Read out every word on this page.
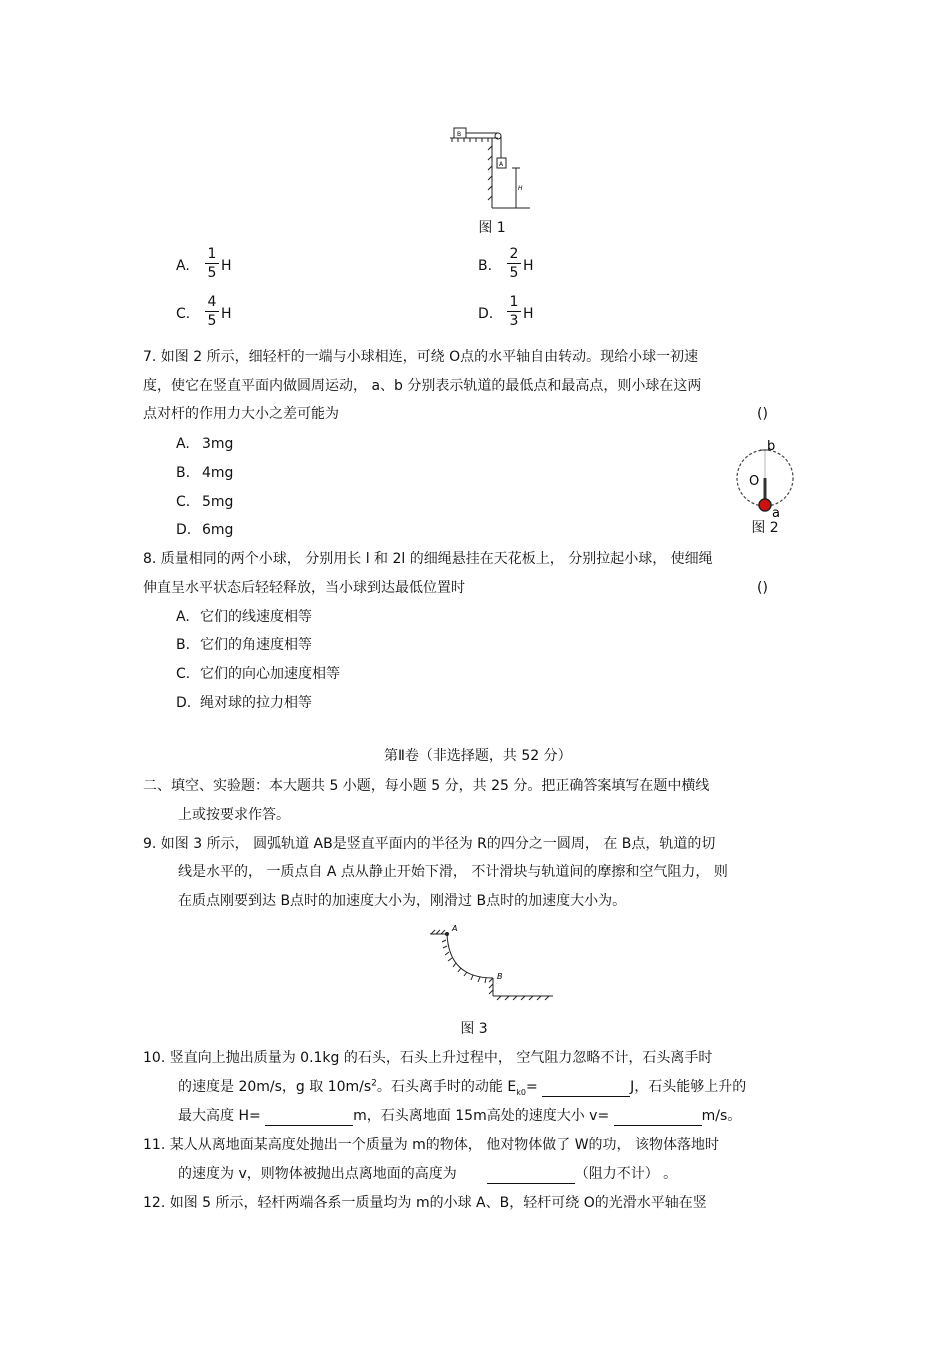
B
A
H
图 1
A.
1
5 H	B.
2
5 H
C.
4
5 H	D.
1
3 H
7. 如图 2 所示，细轻杆的一端与小球相连，可绕 O点的水平轴自由转动。现给小球一初速
度，使它在竖直平面内做圆周运动， a、b 分别表示轨道的最低点和最高点，则小球在这两
点对杆的作用力大小之差可能为	()
A. 3mg
B. 4mg
C. 5mg
D. 6mg
b
O
a
图 2
8. 质量相同的两个小球， 分别用长 l 和 2l 的细绳悬挂在天花板上， 分别拉起小球， 使细绳
伸直呈水平状态后轻轻释放，当小球到达最低位置时	()
A. 它们的线速度相等
B. 它们的角速度相等
C. 它们的向心加速度相等
D. 绳对球的拉力相等
第Ⅱ卷（非选择题，共 52 分）
二、填空、实验题：本大题共 5 小题，每小题 5 分，共 25 分。把正确答案填写在题中横线
上或按要求作答。
9. 如图 3 所示， 圆弧轨道 AB是竖直平面内的半径为 R的四分之一圆周， 在 B点，轨道的切
线是水平的， 一质点自 A 点从静止开始下滑， 不计滑块与轨道间的摩擦和空气阻力， 则
在质点刚要到达 B点时的加速度大小为，刚滑过 B点时的加速度大小为。
A
B
图 3
10. 竖直向上抛出质量为 0.1kg 的石头，石头上升过程中， 空气阻力忽略不计，石头离手时
的速度是 20m/s，g 取 $10m/s^2$。石头离手时的动能 $E_{k0}=$	J，石头能够上升的
最大高度 H=	m，石头离地面 15m高处的速度大小 v=	m/s。
11. 某人从离地面某高度处抛出一个质量为 m的物体， 他对物体做了 W的功， 该物体落地时
的速度为 v，则物体被抛出点离地面的高度为	（阻力不计） 。
12. 如图 5 所示，轻杆两端各系一质量均为 m的小球 A、B，轻杆可绕 O的光滑水平轴在竖
